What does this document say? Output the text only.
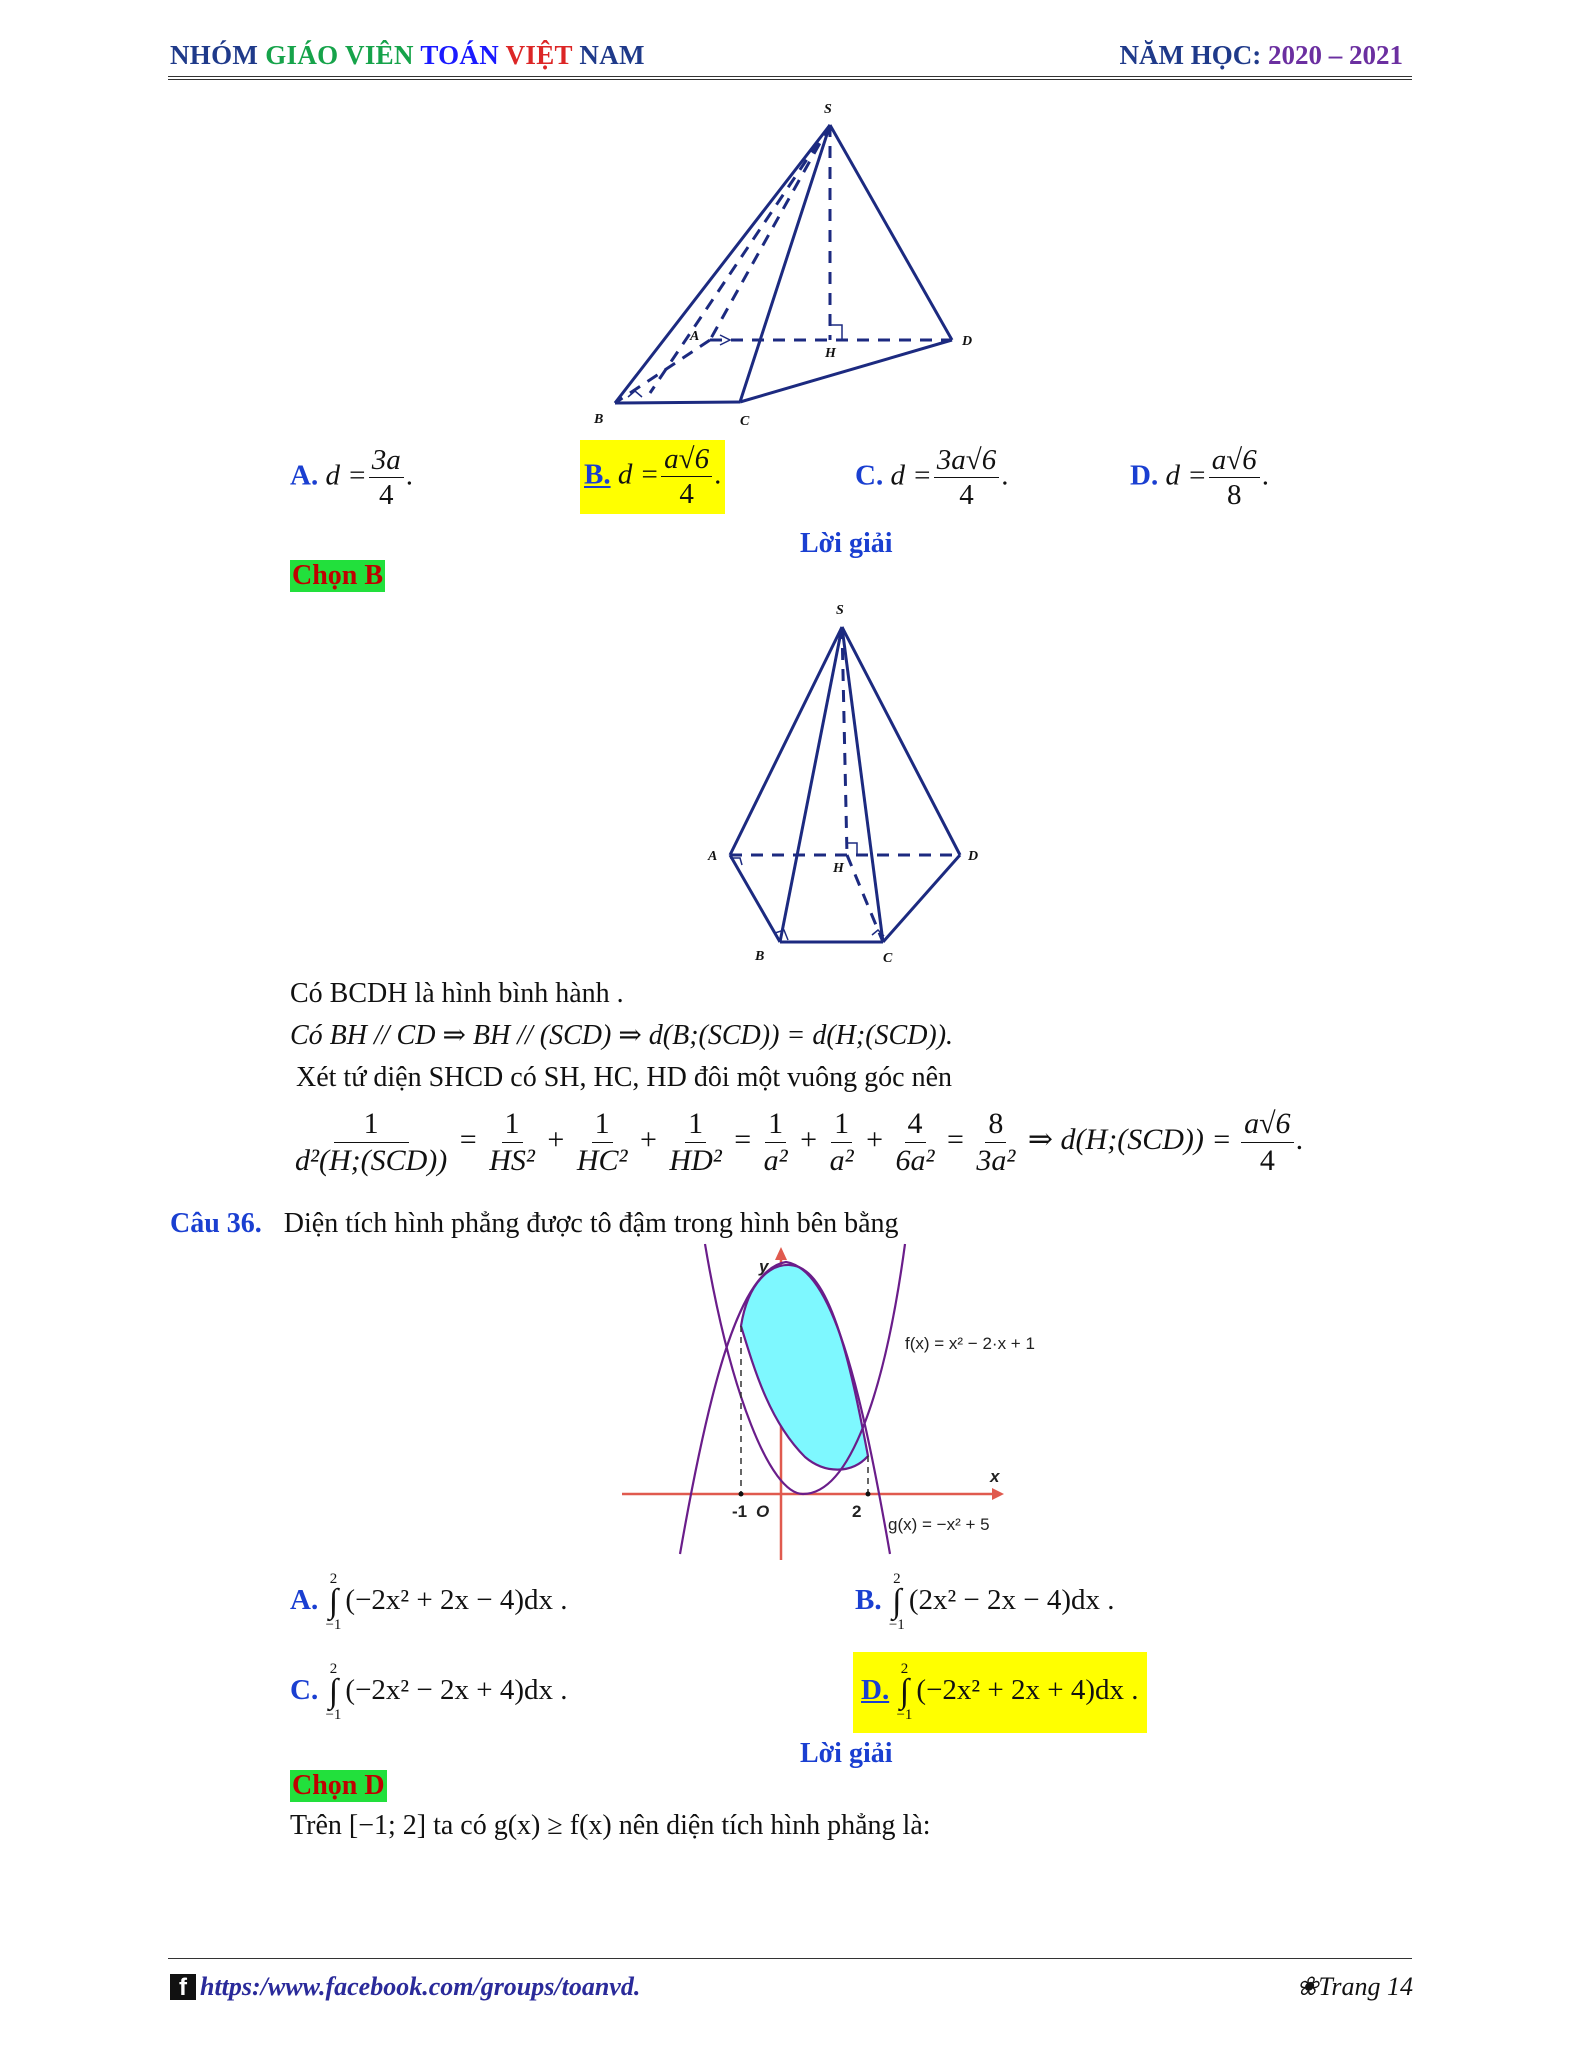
NHÓM GIÁO VIÊN TOÁN VIỆT NAM	NĂM HỌC: 2020 – 2021
S
A
H
D
B	C
A. $d = \frac{3a}{4}$ .	B. $d = \frac{a√6}{4}$ .	C. $d = \frac{3a√6}{4}$ .	D. $d = \frac{a√6}{8}$ .
Lời giải
Chọn B
S
A
H
D
B	C
Có BCDH là hình bình hành .
Có BH // CD ⇒ BH // (SCD) ⇒ d(B;(SCD)) = d(H;(SCD)).
Xét tứ diện SHCD có SH, HC, HD đôi một vuông góc nên
$\frac{1}{\text{d²(H;(SCD))}} = \frac{1}{\text{HS²}} + \frac{1}{\text{HC²}} + \frac{1}{\text{HD²}} = \frac{1}{\text{a²}} + \frac{1}{\text{a²}} + \frac{4}{\text{6a²}} = \frac{8}{\text{3a²}}$ ⇒ d(H;(SCD)) = $\frac{a√6}{4}$ .
Câu 36. Diện tích hình phẳng được tô đậm trong hình bên bằng
y
x
O
-1	2
f(x) = x² − 2·x + 1
g(x) = −x² + 5
A.
2
∫
−1
(−2x² + 2x − 4)dx .	B.
2
∫
−1
(2x² − 2x − 4)dx .
C.
2
∫
−1
(−2x² − 2x + 4)dx .	D.
2
∫
−1
(−2x² + 2x + 4)dx .
Lời giải
Chọn D
Trên [−1; 2] ta có g(x) ≥ f(x) nên diện tích hình phẳng là:
f https:/www.facebook.com/groups/toanvd.	❀Trang 14
